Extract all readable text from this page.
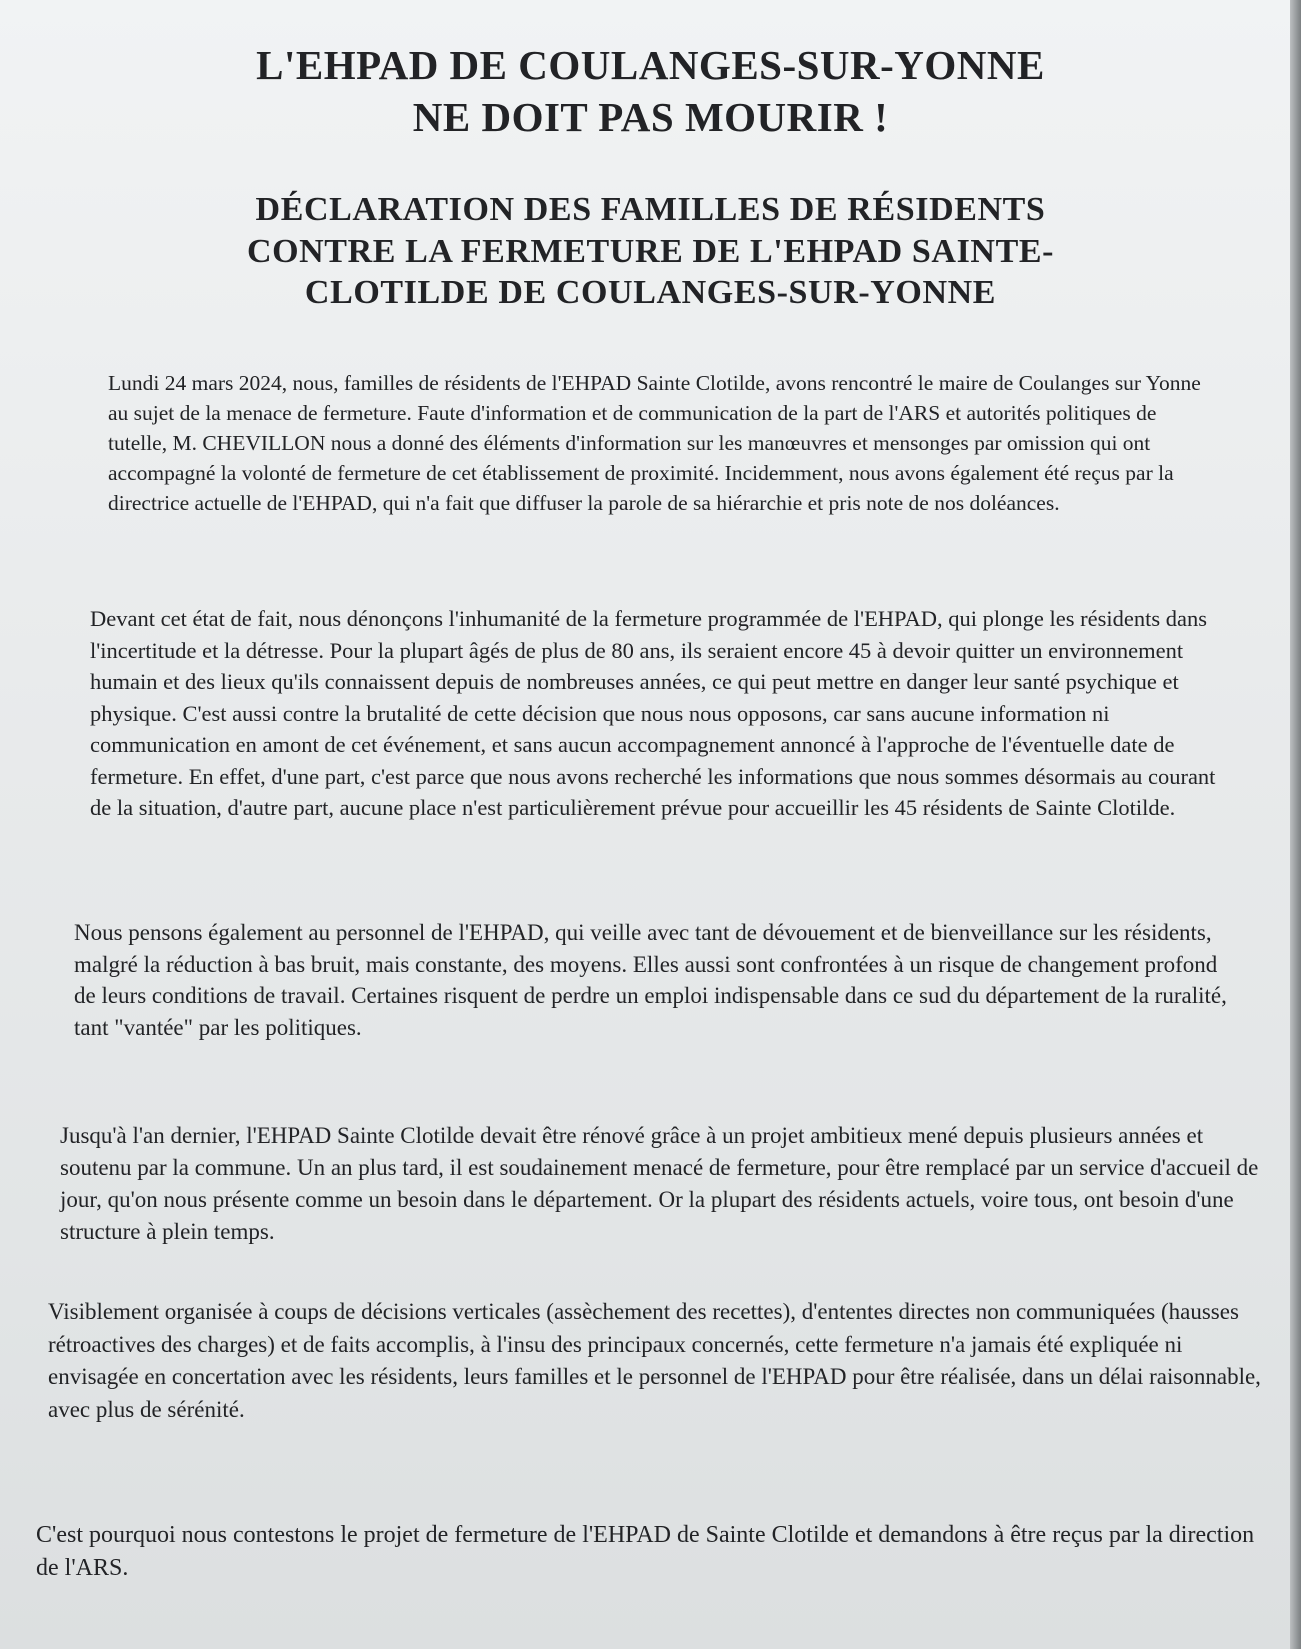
L'EHPAD DE COULANGES-SUR-YONNE
NE DOIT PAS MOURIR !
DÉCLARATION DES FAMILLES DE RÉSIDENTS
CONTRE LA FERMETURE DE L'EHPAD SAINTE-
CLOTILDE DE COULANGES-SUR-YONNE

Lundi 24 mars 2024, nous, familles de résidents de l'EHPAD Sainte Clotilde, avons rencontré le maire de Coulanges sur Yonne au sujet de la menace de fermeture. Faute d'information et de communication de la part de l'ARS et autorités politiques de tutelle, M. CHEVILLON nous a donné des éléments d'information sur les manœuvres et mensonges par omission qui ont accompagné la volonté de fermeture de cet établissement de proximité. Incidemment, nous avons également été reçus par la directrice actuelle de l'EHPAD, qui n'a fait que diffuser la parole de sa hiérarchie et pris note de nos doléances.

Devant cet état de fait, nous dénonçons l'inhumanité de la fermeture programmée de l'EHPAD, qui plonge les résidents dans l'incertitude et la détresse. Pour la plupart âgés de plus de 80 ans, ils seraient encore 45 à devoir quitter un environnement humain et des lieux qu'ils connaissent depuis de nombreuses années, ce qui peut mettre en danger leur santé psychique et physique. C'est aussi contre la brutalité de cette décision que nous nous opposons, car sans aucune information ni communication en amont de cet événement, et sans aucun accompagnement annoncé à l'approche de l'éventuelle date de fermeture. En effet, d'une part, c'est parce que nous avons recherché les informations que nous sommes désormais au courant de la situation, d'autre part, aucune place n'est particulièrement prévue pour accueillir les 45 résidents de Sainte Clotilde.

Nous pensons également au personnel de l'EHPAD, qui veille avec tant de dévouement et de bienveillance sur les résidents, malgré la réduction à bas bruit, mais constante, des moyens. Elles aussi sont confrontées à un risque de changement profond de leurs conditions de travail. Certaines risquent de perdre un emploi indispensable dans ce sud du département de la ruralité, tant "vantée" par les politiques.

Jusqu'à l'an dernier, l'EHPAD Sainte Clotilde devait être rénové grâce à un projet ambitieux mené depuis plusieurs années et soutenu par la commune. Un an plus tard, il est soudainement menacé de fermeture, pour être remplacé par un service d'accueil de jour, qu'on nous présente comme un besoin dans le département. Or la plupart des résidents actuels, voire tous, ont besoin d'une structure à plein temps.

Visiblement organisée à coups de décisions verticales (assèchement des recettes), d'ententes directes non communiquées (hausses rétroactives des charges) et de faits accomplis, à l'insu des principaux concernés, cette fermeture n'a jamais été expliquée ni envisagée en concertation avec les résidents, leurs familles et le personnel de l'EHPAD pour être réalisée, dans un délai raisonnable, avec plus de sérénité.

C'est pourquoi nous contestons le projet de fermeture de l'EHPAD de Sainte Clotilde et demandons à être reçus par la direction de l'ARS.
